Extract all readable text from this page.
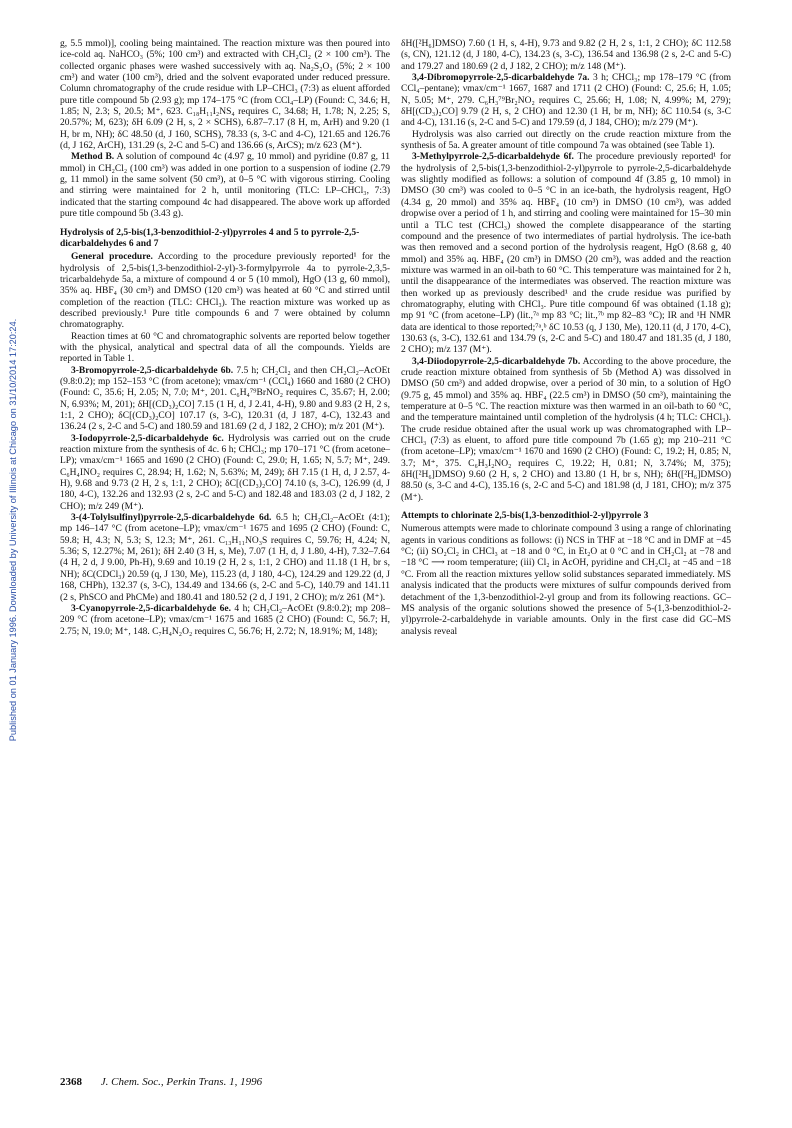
Published on 01 January 1996. Downloaded by University of Illinois at Chicago on 31/10/2014 17:20:24.

g, 5.5 mmol)], cooling being maintained. The reaction mixture was then poured into ice-cold aq. NaHCO₃ (5%; 100 cm³) and extracted with CH₂Cl₂ (2 × 100 cm³). The collected organic phases were washed successively with aq. Na₂S₂O₃ (5%; 2 × 100 cm³) and water (100 cm³), dried and the solvent evaporated under reduced pressure. Column chromatography of the crude residue with LP–CHCl₃ (7:3) as eluent afforded pure title compound 5b (2.93 g); mp 174–175 °C (from CCl₄–LP) (Found: C, 34.6; H, 1.85; N, 2.3; S, 20.5; M⁺, 623. C₁₈H₁₁I₂NS₄ requires C, 34.68; H, 1.78; N, 2.25; S, 20.57%; M, 623); δH 6.09 (2 H, s, 2 × SCHS), 6.87–7.17 (8 H, m, ArH) and 9.20 (1 H, br m, NH); δC 48.50 (d, J 160, SCHS), 78.33 (s, 3-C and 4-C), 121.65 and 126.76 (d, J 162, ArCH), 131.29 (s, 2-C and 5-C) and 136.66 (s, ArCS); m/z 623 (M⁺).

Method B. A solution of compound 4c (4.97 g, 10 mmol) and pyridine (0.87 g, 11 mmol) in CH₂Cl₂ (100 cm³) was added in one portion to a suspension of iodine (2.79 g, 11 mmol) in the same solvent (50 cm³), at 0–5 °C with vigorous stirring. Cooling and stirring were maintained for 2 h, until monitoring (TLC: LP–CHCl₃, 7:3) indicated that the starting compound 4c had disappeared. The above work up afforded pure title compound 5b (3.43 g).

Hydrolysis of 2,5-bis(1,3-benzodithiol-2-yl)pyrroles 4 and 5 to pyrrole-2,5-dicarbaldehydes 6 and 7

General procedure. According to the procedure previously reported¹ for the hydrolysis of 2,5-bis(1,3-benzodithiol-2-yl)-3-formylpyrrole 4a to pyrrole-2,3,5-tricarbaldehyde 5a, a mixture of compound 4 or 5 (10 mmol), HgO (13 g, 60 mmol), 35% aq. HBF₄ (30 cm³) and DMSO (120 cm³) was heated at 60 °C and stirred until completion of the reaction (TLC: CHCl₃). The reaction mixture was worked up as described previously.¹ Pure title compounds 6 and 7 were obtained by column chromatography.

Reaction times at 60 °C and chromatographic solvents are reported below together with the physical, analytical and spectral data of all the compounds. Yields are reported in Table 1.

3-Bromopyrrole-2,5-dicarbaldehyde 6b. 7.5 h; CH₂Cl₂ and then CH₂Cl₂–AcOEt (9.8:0.2); mp 152–153 °C (from acetone); νmax/cm⁻¹ (CCl₄) 1660 and 1680 (2 CHO) (Found: C, 35.6; H, 2.05; N, 7.0; M⁺, 201. C₆H₄⁷⁹BrNO₂ requires C, 35.67; H, 2.00; N, 6.93%; M, 201); δH[(CD₃)₂CO] 7.15 (1 H, d, J 2.41, 4-H), 9.80 and 9.83 (2 H, 2 s, 1:1, 2 CHO); δC[(CD₃)₂CO] 107.17 (s, 3-C), 120.31 (d, J 187, 4-C), 132.43 and 136.24 (2 s, 2-C and 5-C) and 180.59 and 181.69 (2 d, J 182, 2 CHO); m/z 201 (M⁺).

3-Iodopyrrole-2,5-dicarbaldehyde 6c. Hydrolysis was carried out on the crude reaction mixture from the synthesis of 4c. 6 h; CHCl₃; mp 170–171 °C (from acetone–LP); νmax/cm⁻¹ 1665 and 1690 (2 CHO) (Found: C, 29.0; H, 1.65; N, 5.7; M⁺, 249. C₆H₄INO₂ requires C, 28.94; H, 1.62; N, 5.63%; M, 249); δH 7.15 (1 H, d, J 2.57, 4-H), 9.68 and 9.73 (2 H, 2 s, 1:1, 2 CHO); δC[(CD₃)₂CO] 74.10 (s, 3-C), 126.99 (d, J 180, 4-C), 132.26 and 132.93 (2 s, 2-C and 5-C) and 182.48 and 183.03 (2 d, J 182, 2 CHO); m/z 249 (M⁺).

3-(4-Tolylsulfinyl)pyrrole-2,5-dicarbaldehyde 6d. 6.5 h; CH₂Cl₂–AcOEt (4:1); mp 146–147 °C (from acetone–LP); νmax/cm⁻¹ 1675 and 1695 (2 CHO) (Found: C, 59.8; H, 4.3; N, 5.3; S, 12.3; M⁺, 261. C₁₃H₁₁NO₃S requires C, 59.76; H, 4.24; N, 5.36; S, 12.27%; M, 261); δH 2.40 (3 H, s, Me), 7.07 (1 H, d, J 1.80, 4-H), 7.32–7.64 (4 H, 2 d, J 9.00, Ph-H), 9.69 and 10.19 (2 H, 2 s, 1:1, 2 CHO) and 11.18 (1 H, br s, NH); δC(CDCl₃) 20.59 (q, J 130, Me), 115.23 (d, J 180, 4-C), 124.29 and 129.22 (d, J 168, CHPh), 132.37 (s, 3-C), 134.49 and 134.66 (s, 2-C and 5-C), 140.79 and 141.11 (2 s, PhSCO and PhCMe) and 180.41 and 180.52 (2 d, J 191, 2 CHO); m/z 261 (M⁺).

3-Cyanopyrrole-2,5-dicarbaldehyde 6e. 4 h; CH₂Cl₂–AcOEt (9.8:0.2); mp 208–209 °C (from acetone–LP); νmax/cm⁻¹ 1675 and 1685 (2 CHO) (Found: C, 56.7; H, 2.75; N, 19.0; M⁺, 148. C₇H₄N₂O₂ requires C, 56.76; H, 2.72; N, 18.91%; M, 148);

δH([²H₆]DMSO) 7.60 (1 H, s, 4-H), 9.73 and 9.82 (2 H, 2 s, 1:1, 2 CHO); δC 112.58 (s, CN), 121.12 (d, J 180, 4-C), 134.23 (s, 3-C), 136.54 and 136.98 (2 s, 2-C and 5-C) and 179.27 and 180.69 (2 d, J 182, 2 CHO); m/z 148 (M⁺).

3,4-Dibromopyrrole-2,5-dicarbaldehyde 7a. 3 h; CHCl₃; mp 178–179 °C (from CCl₄–pentane); νmax/cm⁻¹ 1667, 1687 and 1711 (2 CHO) (Found: C, 25.6; H, 1.05; N, 5.05; M⁺, 279. C₆H₃⁷⁹Br₂NO₂ requires C, 25.66; H, 1.08; N, 4.99%; M, 279); δH[(CD₃)₂CO] 9.79 (2 H, s, 2 CHO) and 12.30 (1 H, br m, NH); δC 110.54 (s, 3-C and 4-C), 131.16 (s, 2-C and 5-C) and 179.59 (d, J 184, CHO); m/z 279 (M⁺).

Hydrolysis was also carried out directly on the crude reaction mixture from the synthesis of 5a. A greater amount of title compound 7a was obtained (see Table 1).

3-Methylpyrrole-2,5-dicarbaldehyde 6f. The procedure previously reported¹ for the hydrolysis of 2,5-bis(1,3-benzodithiol-2-yl)pyrrole to pyrrole-2,5-dicarbaldehyde was slightly modified as follows: a solution of compound 4f (3.85 g, 10 mmol) in DMSO (30 cm³) was cooled to 0–5 °C in an ice-bath, the hydrolysis reagent, HgO (4.34 g, 20 mmol) and 35% aq. HBF₄ (10 cm³) in DMSO (10 cm³), was added dropwise over a period of 1 h, and stirring and cooling were maintained for 15–30 min until a TLC test (CHCl₃) showed the complete disappearance of the starting compound and the presence of two intermediates of partial hydrolysis. The ice-bath was then removed and a second portion of the hydrolysis reagent, HgO (8.68 g, 40 mmol) and 35% aq. HBF₄ (20 cm³) in DMSO (20 cm³), was added and the reaction mixture was warmed in an oil-bath to 60 °C. This temperature was maintained for 2 h, until the disappearance of the intermediates was observed. The reaction mixture was then worked up as previously described¹ and the crude residue was purified by chromatography, eluting with CHCl₃. Pure title compound 6f was obtained (1.18 g); mp 91 °C (from acetone–LP) (lit.,⁷ᵃ mp 83 °C; lit.,⁷ᵇ mp 82–83 °C); IR and ¹H NMR data are identical to those reported;⁷ᵃ,ᵇ δC 10.53 (q, J 130, Me), 120.11 (d, J 170, 4-C), 130.63 (s, 3-C), 132.61 and 134.79 (s, 2-C and 5-C) and 180.47 and 181.35 (d, J 180, 2 CHO); m/z 137 (M⁺).

3,4-Diiodopyrrole-2,5-dicarbaldehyde 7b. According to the above procedure, the crude reaction mixture obtained from synthesis of 5b (Method A) was dissolved in DMSO (50 cm³) and added dropwise, over a period of 30 min, to a solution of HgO (9.75 g, 45 mmol) and 35% aq. HBF₄ (22.5 cm³) in DMSO (50 cm³), maintaining the temperature at 0–5 °C. The reaction mixture was then warmed in an oil-bath to 60 °C, and the temperature maintained until completion of the hydrolysis (4 h; TLC: CHCl₃). The crude residue obtained after the usual work up was chromatographed with LP–CHCl₃ (7:3) as eluent, to afford pure title compound 7b (1.65 g); mp 210–211 °C (from acetone–LP); νmax/cm⁻¹ 1670 and 1690 (2 CHO) (Found: C, 19.2; H, 0.85; N, 3.7; M⁺, 375. C₆H₃I₂NO₂ requires C, 19.22; H, 0.81; N, 3.74%; M, 375); δH([²H₆]DMSO) 9.60 (2 H, s, 2 CHO) and 13.80 (1 H, br s, NH); δH([²H₆]DMSO) 88.50 (s, 3-C and 4-C), 135.16 (s, 2-C and 5-C) and 181.98 (d, J 181, CHO); m/z 375 (M⁺).

Attempts to chlorinate 2,5-bis(1,3-benzodithiol-2-yl)pyrrole 3

Numerous attempts were made to chlorinate compound 3 using a range of chlorinating agents in various conditions as follows: (i) NCS in THF at −18 °C and in DMF at −45 °C; (ii) SO₂Cl₂ in CHCl₃ at −18 and 0 °C, in Et₂O at 0 °C and in CH₂Cl₂ at −78 and −18 °C ⟶ room temperature; (iii) Cl₂ in AcOH, pyridine and CH₂Cl₂ at −45 and −18 °C. From all the reaction mixtures yellow solid substances separated immediately. MS analysis indicated that the products were mixtures of sulfur compounds derived from detachment of the 1,3-benzodithiol-2-yl group and from its following reactions. GC–MS analysis of the organic solutions showed the presence of 5-(1,3-benzodithiol-2-yl)pyrrole-2-carbaldehyde in variable amounts. Only in the first case did GC–MS analysis reveal

2368 J. Chem. Soc., Perkin Trans. 1, 1996
